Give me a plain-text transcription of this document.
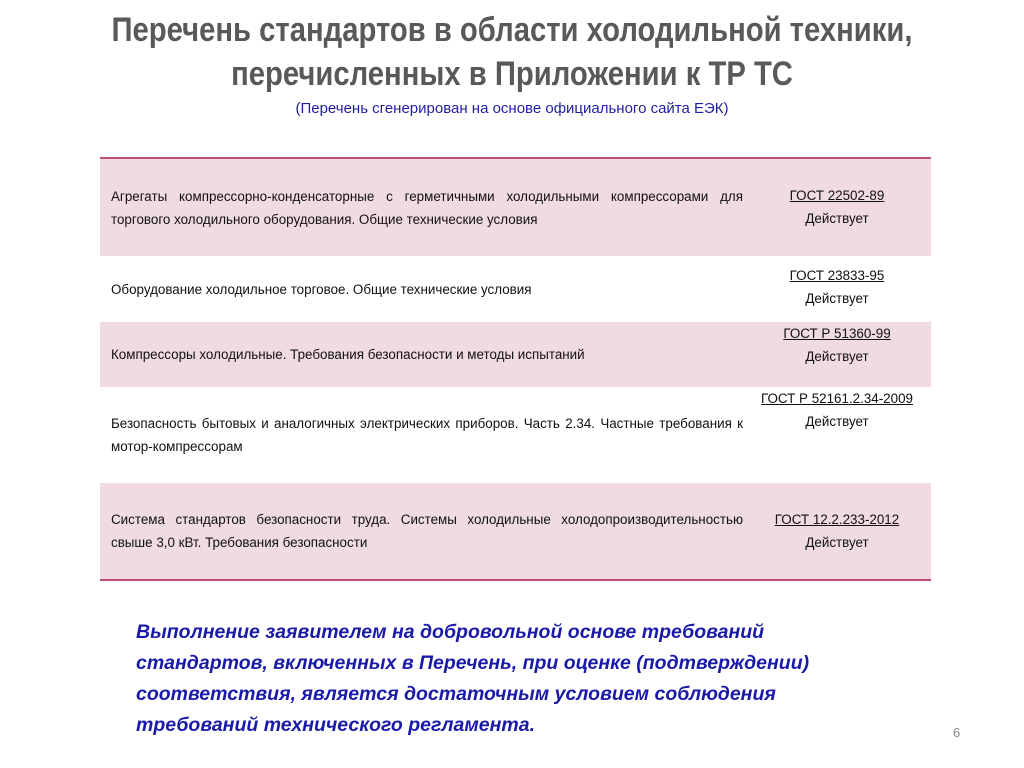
Перечень стандартов в области холодильной техники,
перечисленных в Приложении к ТР ТС
(Перечень сгенерирован на основе официального сайта ЕЭК)
Агрегаты компрессорно-конденсаторные с герметичными холодильными компрессорами для торгового холодильного оборудования. Общие технические условия
ГОСТ 22502-89
Действует
Оборудование холодильное торговое. Общие технические условия
ГОСТ 23833-95
Действует
Компрессоры холодильные. Требования безопасности и методы испытаний
ГОСТ Р 51360-99
Действует
Безопасность бытовых и аналогичных электрических приборов. Часть 2.34. Частные требования к мотор-компрессорам
ГОСТ Р 52161.2.34-2009
Действует
Система стандартов безопасности труда. Системы холодильные холодопроизводительностью свыше 3,0 кВт. Требования безопасности
ГОСТ 12.2.233-2012
Действует
Выполнение заявителем на добровольной основе требований стандартов, включенных в Перечень, при оценке (подтверждении) соответствия, является достаточным условием соблюдения требований технического регламента.	6
